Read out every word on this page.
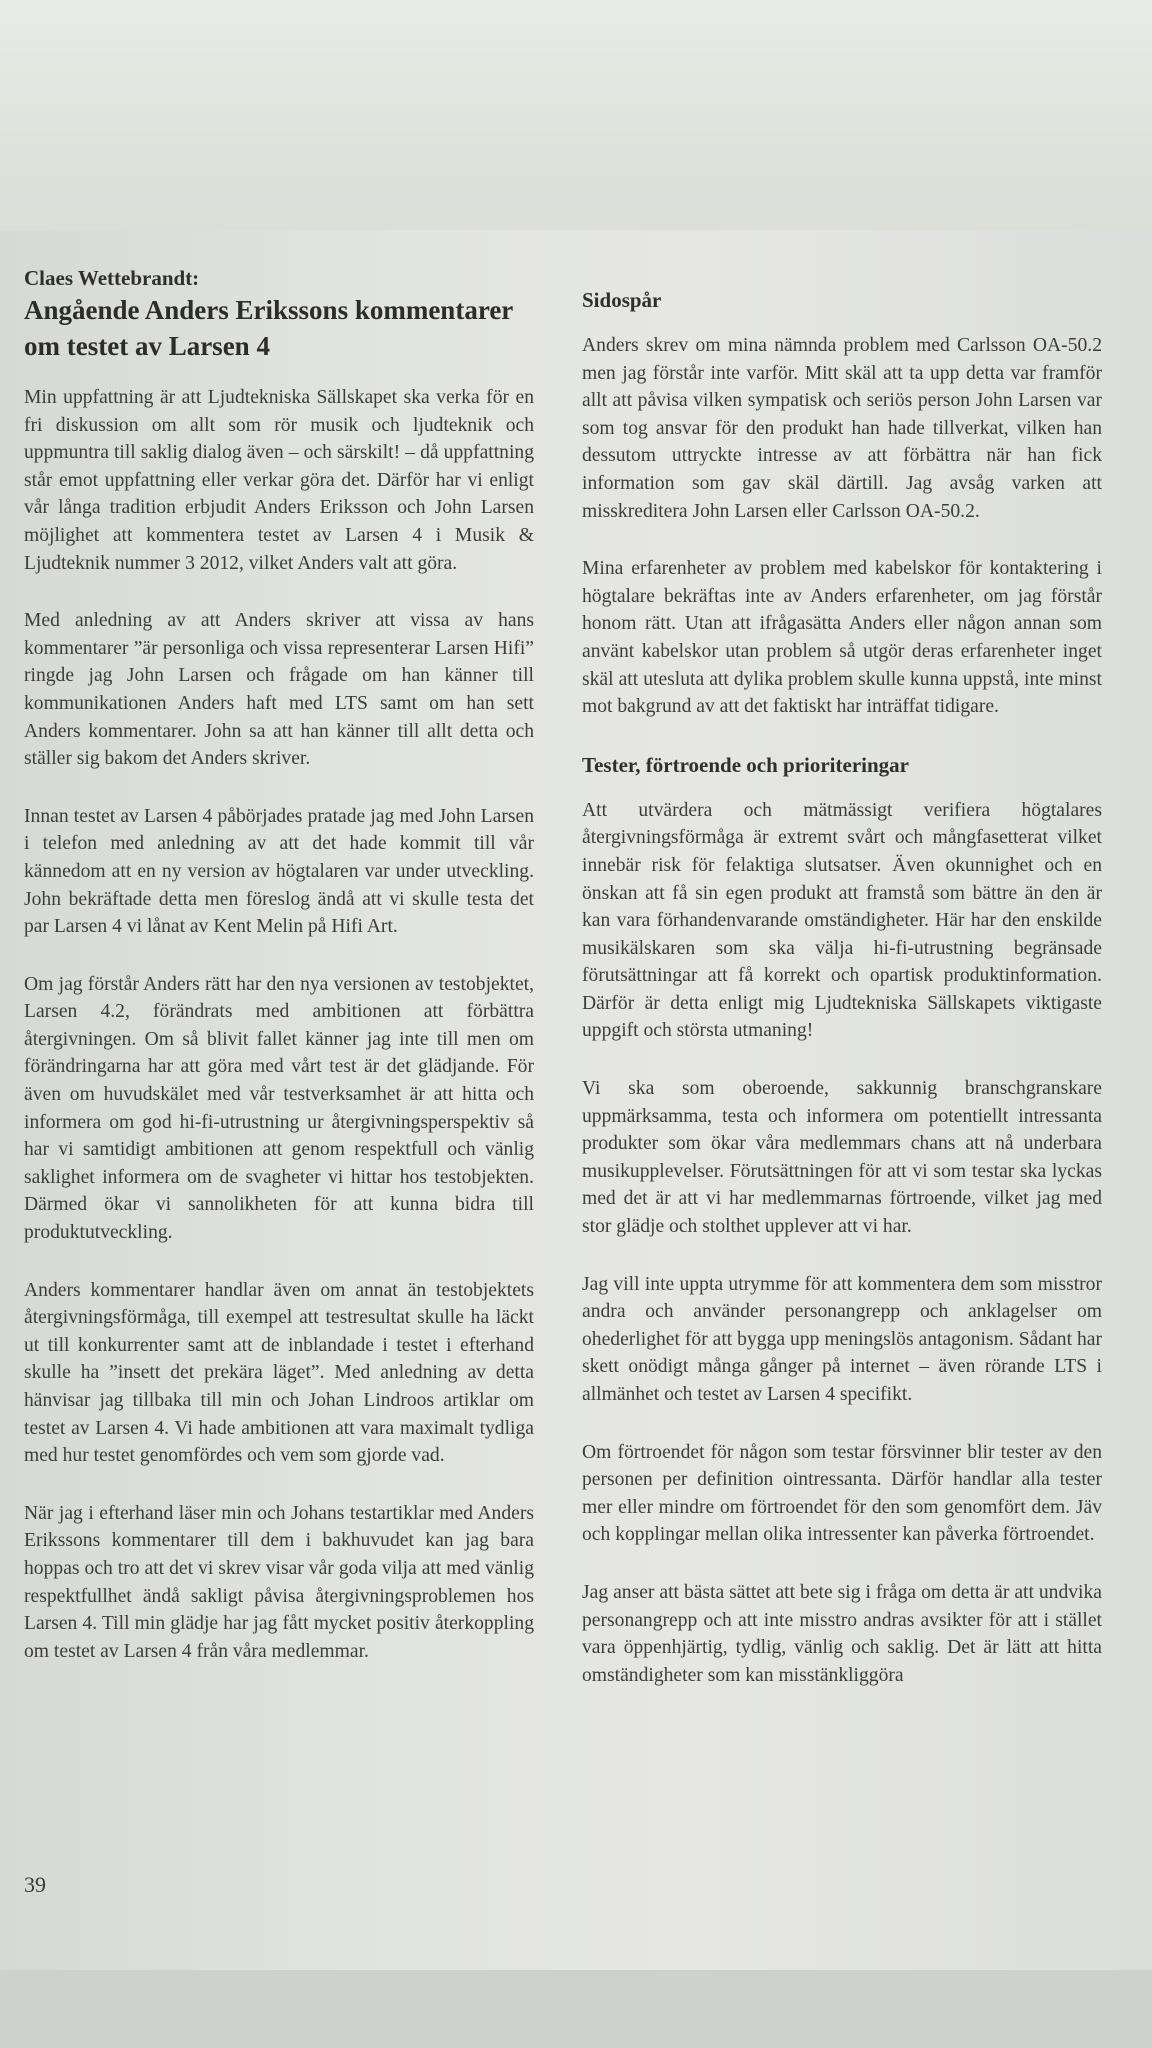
Claes Wettebrandt:
Angående Anders Erikssons kommentarer om testet av Larsen 4

Min uppfattning är att Ljudtekniska Sällskapet ska verka för en fri diskussion om allt som rör musik och ljudteknik och uppmuntra till saklig dialog även – och särskilt! – då uppfattning står emot uppfattning eller verkar göra det. Därför har vi enligt vår långa tradition erbjudit Anders Eriksson och John Larsen möjlighet att kommentera testet av Larsen 4 i Musik & Ljudteknik nummer 3 2012, vilket Anders valt att göra.

Med anledning av att Anders skriver att vissa av hans kommentarer ”är personliga och vissa representerar Larsen Hifi” ringde jag John Larsen och frågade om han känner till kommunikationen Anders haft med LTS samt om han sett Anders kommentarer. John sa att han känner till allt detta och ställer sig bakom det Anders skriver.

Innan testet av Larsen 4 påbörjades pratade jag med John Larsen i telefon med anledning av att det hade kommit till vår kännedom att en ny version av högtalaren var under utveckling. John bekräftade detta men föreslog ändå att vi skulle testa det par Larsen 4 vi lånat av Kent Melin på Hifi Art.

Om jag förstår Anders rätt har den nya versionen av testobjektet, Larsen 4.2, förändrats med ambitionen att förbättra återgivningen. Om så blivit fallet känner jag inte till men om förändringarna har att göra med vårt test är det glädjande. För även om huvudskälet med vår testverksamhet är att hitta och informera om god hi-fi-utrustning ur återgivningsperspektiv så har vi samtidigt ambitionen att genom respektfull och vänlig saklighet informera om de svagheter vi hittar hos testobjekten. Därmed ökar vi sannolikheten för att kunna bidra till produktutveckling.

Anders kommentarer handlar även om annat än testobjektets återgivningsförmåga, till exempel att testresultat skulle ha läckt ut till konkurrenter samt att de inblandade i testet i efterhand skulle ha ”insett det prekära läget”. Med anledning av detta hänvisar jag tillbaka till min och Johan Lindroos artiklar om testet av Larsen 4. Vi hade ambitionen att vara maximalt tydliga med hur testet genomfördes och vem som gjorde vad.

När jag i efterhand läser min och Johans testartiklar med Anders Erikssons kommentarer till dem i bakhuvudet kan jag bara hoppas och tro att det vi skrev visar vår goda vilja att med vänlig respektfullhet ändå sakligt påvisa återgivningsproblemen hos Larsen 4. Till min glädje har jag fått mycket positiv återkoppling om testet av Larsen 4 från våra medlemmar.

Sidospår

Anders skrev om mina nämnda problem med Carlsson OA-50.2 men jag förstår inte varför. Mitt skäl att ta upp detta var framför allt att påvisa vilken sympatisk och seriös person John Larsen var som tog ansvar för den produkt han hade tillverkat, vilken han dessutom uttryckte intresse av att förbättra när han fick information som gav skäl därtill. Jag avsåg varken att misskreditera John Larsen eller Carlsson OA-50.2.

Mina erfarenheter av problem med kabelskor för kontaktering i högtalare bekräftas inte av Anders erfarenheter, om jag förstår honom rätt. Utan att ifrågasätta Anders eller någon annan som använt kabelskor utan problem så utgör deras erfarenheter inget skäl att utesluta att dylika problem skulle kunna uppstå, inte minst mot bakgrund av att det faktiskt har inträffat tidigare.

Tester, förtroende och prioriteringar

Att utvärdera och mätmässigt verifiera högtalares återgivningsförmåga är extremt svårt och mångfasetterat vilket innebär risk för felaktiga slutsatser. Även okunnighet och en önskan att få sin egen produkt att framstå som bättre än den är kan vara förhandenvarande omständigheter. Här har den enskilde musikälskaren som ska välja hi-fi-utrustning begränsade förutsättningar att få korrekt och opartisk produktinformation. Därför är detta enligt mig Ljudtekniska Sällskapets viktigaste uppgift och största utmaning!

Vi ska som oberoende, sakkunnig branschgranskare uppmärksamma, testa och informera om potentiellt intressanta produkter som ökar våra medlemmars chans att nå underbara musikupplevelser. Förutsättningen för att vi som testar ska lyckas med det är att vi har medlemmarnas förtroende, vilket jag med stor glädje och stolthet upplever att vi har.

Jag vill inte uppta utrymme för att kommentera dem som misstror andra och använder personangrepp och anklagelser om ohederlighet för att bygga upp meningslös antagonism. Sådant har skett onödigt många gånger på internet – även rörande LTS i allmänhet och testet av Larsen 4 specifikt.

Om förtroendet för någon som testar försvinner blir tester av den personen per definition ointressanta. Därför handlar alla tester mer eller mindre om förtroendet för den som genomfört dem. Jäv och kopplingar mellan olika intressenter kan påverka förtroendet.

Jag anser att bästa sättet att bete sig i fråga om detta är att undvika personangrepp och att inte misstro andras avsikter för att i stället vara öppenhjärtig, tydlig, vänlig och saklig. Det är lätt att hitta omständigheter som kan misstänkliggöra

39
